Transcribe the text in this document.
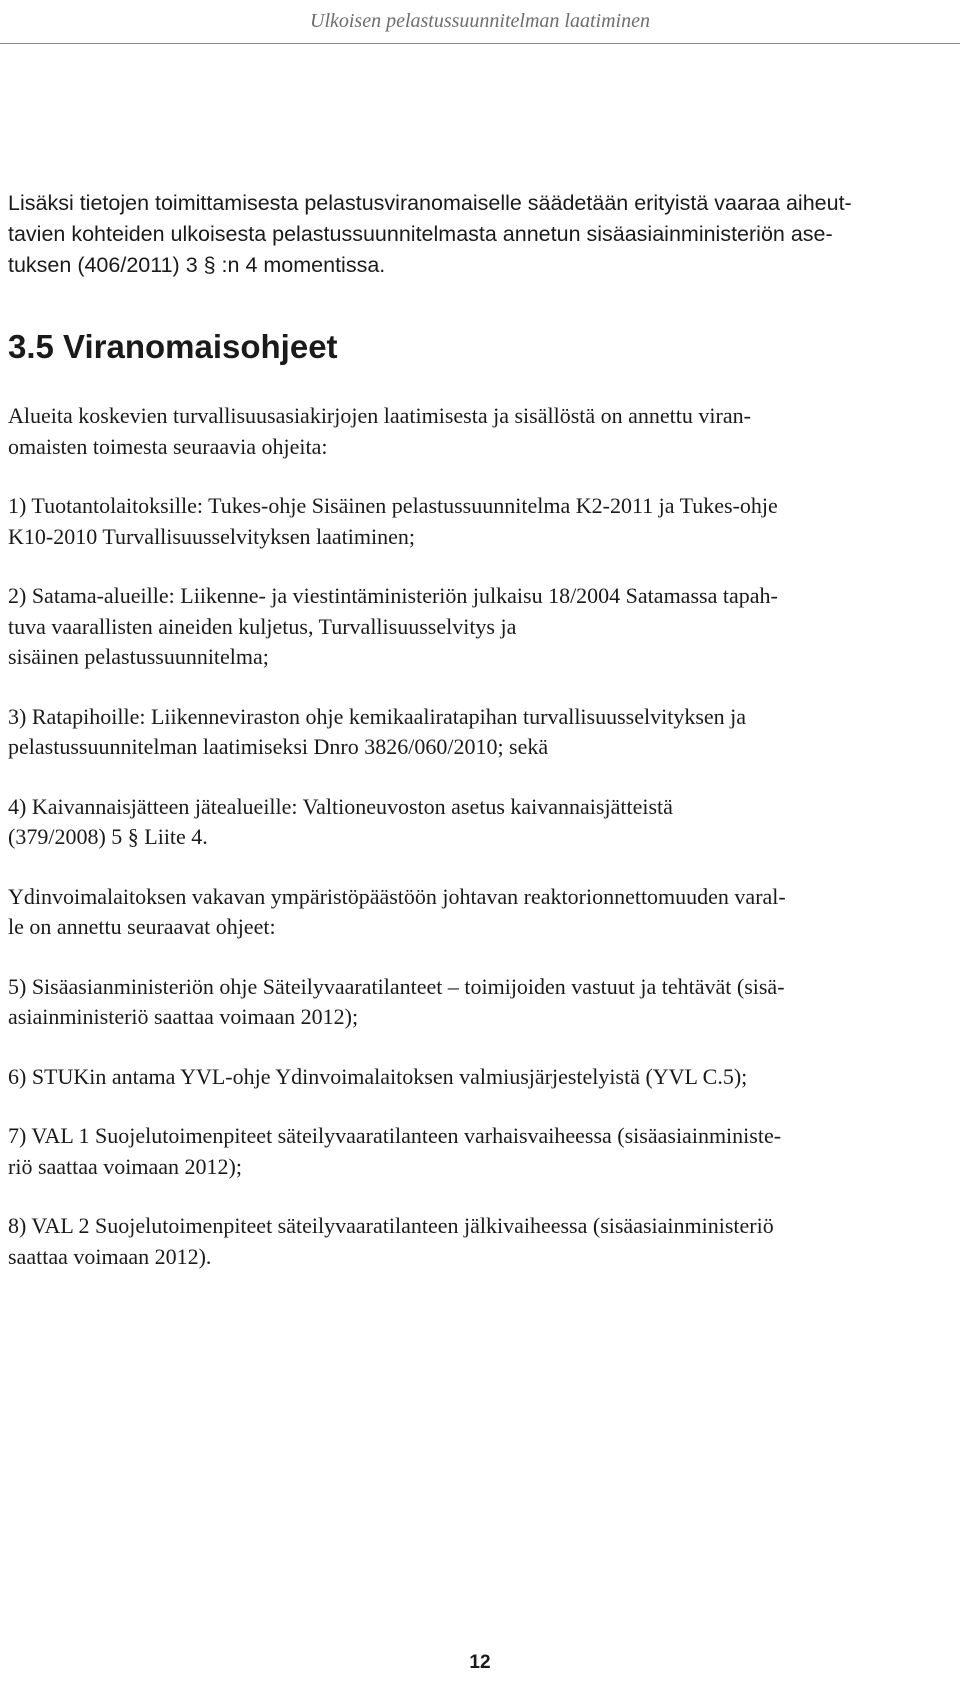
Ulkoisen pelastussuunnitelman laatiminen

Lisäksi tietojen toimittamisesta pelastusviranomaiselle säädetään erityistä vaaraa aiheut-
tavien kohteiden ulkoisesta pelastussuunnitelmasta annetun sisäasiainministeriön ase-
tuksen (406/2011) 3 § :n 4 momentissa.

3.5 Viranomaisohjeet

Alueita koskevien turvallisuusasiakirjojen laatimisesta ja sisällöstä on annettu viran-
omaisten toimesta seuraavia ohjeita:

1) Tuotantolaitoksille: Tukes-ohje Sisäinen pelastussuunnitelma K2-2011 ja Tukes-ohje
K10-2010 Turvallisuusselvityksen laatiminen;

2) Satama-alueille: Liikenne- ja viestintäministeriön julkaisu 18/2004 Satamassa tapah-
tuva vaarallisten aineiden kuljetus, Turvallisuusselvitys ja
sisäinen pelastussuunnitelma;

3) Ratapihoille: Liikenneviraston ohje kemikaaliratapihan turvallisuusselvityksen ja
pelastussuunnitelman laatimiseksi Dnro 3826/060/2010; sekä

4) Kaivannaisjätteen jätealueille: Valtioneuvoston asetus kaivannaisjätteistä
(379/2008) 5 § Liite 4.

Ydinvoimalaitoksen vakavan ympäristöpäästöön johtavan reaktorionnettomuuden varal-
le on annettu seuraavat ohjeet:

5) Sisäasianministeriön ohje Säteilyvaaratilanteet – toimijoiden vastuut ja tehtävät (sisä-
asiainministeriö saattaa voimaan 2012);

6) STUKin antama YVL-ohje Ydinvoimalaitoksen valmiusjärjestelyistä (YVL C.5);

7) VAL 1 Suojelutoimenpiteet säteilyvaaratilanteen varhaisvaiheessa (sisäasiainministe-
riö saattaa voimaan 2012);

8) VAL 2 Suojelutoimenpiteet säteilyvaaratilanteen jälkivaiheessa (sisäasiainministeriö
saattaa voimaan 2012).

12
